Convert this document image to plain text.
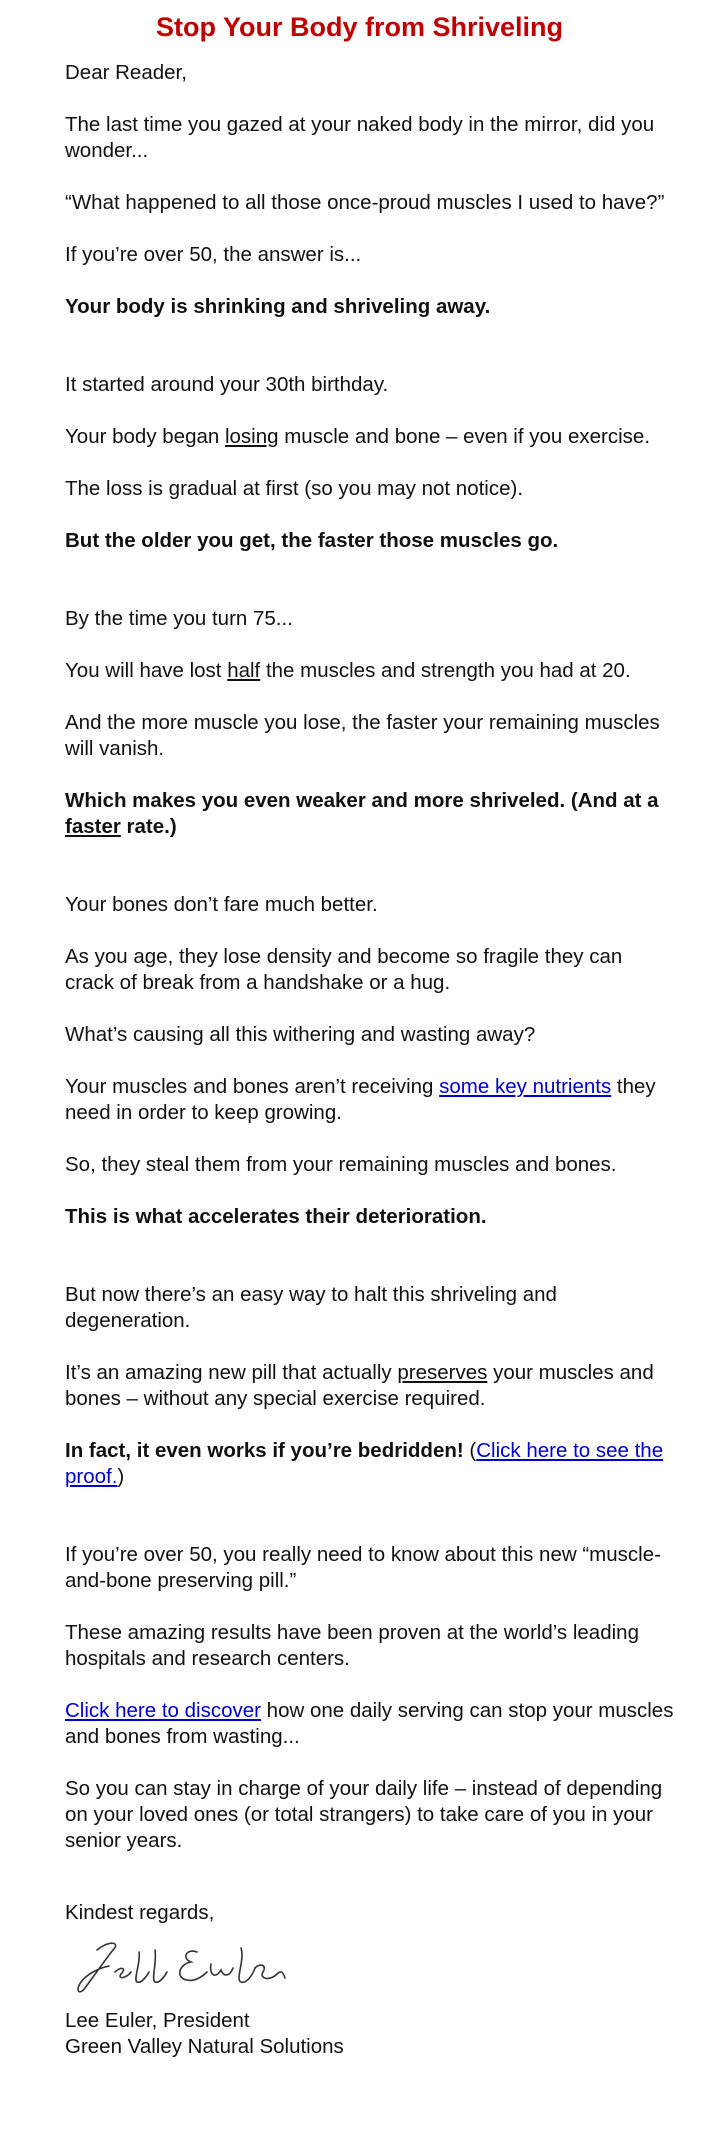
Stop Your Body from Shriveling

Dear Reader,

The last time you gazed at your naked body in the mirror, did you wonder...

“What happened to all those once-proud muscles I used to have?”

If you’re over 50, the answer is...

Your body is shrinking and shriveling away.

It started around your 30th birthday.

Your body began losing muscle and bone – even if you exercise.

The loss is gradual at first (so you may not notice).

But the older you get, the faster those muscles go.

By the time you turn 75...

You will have lost half the muscles and strength you had at 20.

And the more muscle you lose, the faster your remaining muscles will vanish.

Which makes you even weaker and more shriveled. (And at a faster rate.)

Your bones don’t fare much better.

As you age, they lose density and become so fragile they can crack of break from a handshake or a hug.

What’s causing all this withering and wasting away?

Your muscles and bones aren’t receiving some key nutrients they need in order to keep growing.

So, they steal them from your remaining muscles and bones.

This is what accelerates their deterioration.

But now there’s an easy way to halt this shriveling and degeneration.

It’s an amazing new pill that actually preserves your muscles and bones – without any special exercise required.

In fact, it even works if you’re bedridden! (Click here to see the proof.)

If you’re over 50, you really need to know about this new “muscle-and-bone preserving pill.”

These amazing results have been proven at the world’s leading hospitals and research centers.

Click here to discover how one daily serving can stop your muscles and bones from wasting...

So you can stay in charge of your daily life – instead of depending on your loved ones (or total strangers) to take care of you in your senior years.

Kindest regards,
Lee Euler, President
Green Valley Natural Solutions
